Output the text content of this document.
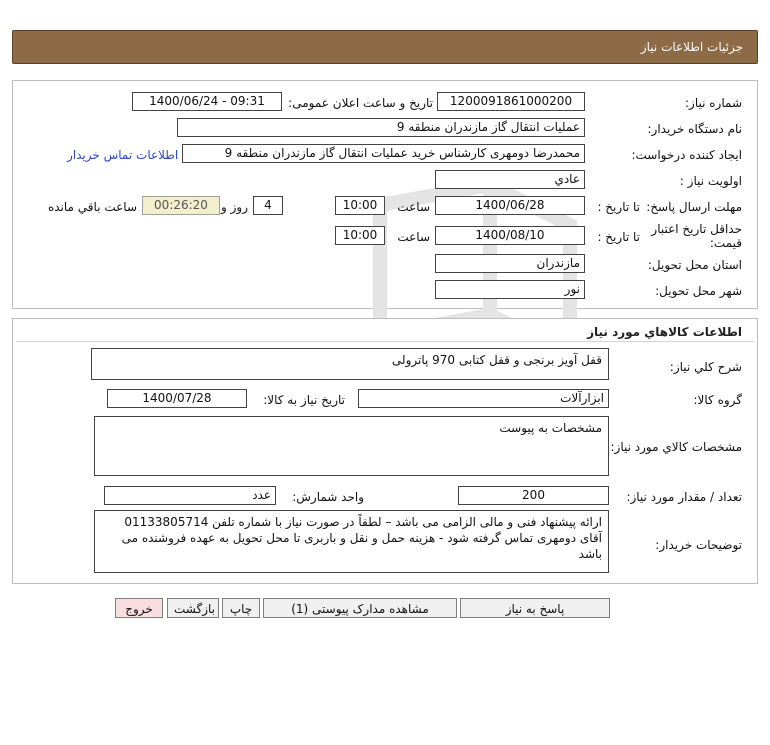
جزئیات اطلاعات نیاز
شماره نیاز:
1200091861000200
تاریخ و ساعت اعلان عمومی:
1400/06/24 - 09:31
نام دستگاه خریدار:
عملیات انتقال گاز مازندران منطقه 9
ایجاد کننده درخواست:
محمدرضا دومهری کارشناس خرید عملیات انتقال گاز مازندران منطقه 9
اطلاعات تماس خریدار
اولویت نیاز :
عادي
مهلت ارسال پاسخ:
تا تاریخ :
1400/06/28
ساعت
10:00
4
روز و
00:26:20
ساعت باقي مانده
حداقل تاریخ اعتبار
قیمت:
تا تاریخ :
1400/08/10
ساعت
10:00
استان محل تحویل:
مازندران
شهر محل تحویل:
نور
اطلاعات كالاهاي مورد نياز
شرح كلي نياز:
قفل آویز برنجی و قفل کتابی 970 پاترولی
گروه كالا:
ابزارآلات
تاریخ نیاز به کالا:
1400/07/28
مشخصات كالاي مورد نياز:
مشخصات به پیوست
تعداد / مقدار مورد نیاز:
200
واحد شمارش:
عدد
توضيحات خريدار:
ارائه پیشنهاد فنی و مالی الزامی می باشد – لطفاً در صورت نیاز با شماره تلفن 01133805714 آقای دومهری تماس گرفته شود - هزینه حمل و نقل و باربری تا محل تحویل به عهده فروشنده می باشد
پاسخ به نیاز
مشاهده مدارک پیوستی (1)
چاپ
بازگشت
خروج
